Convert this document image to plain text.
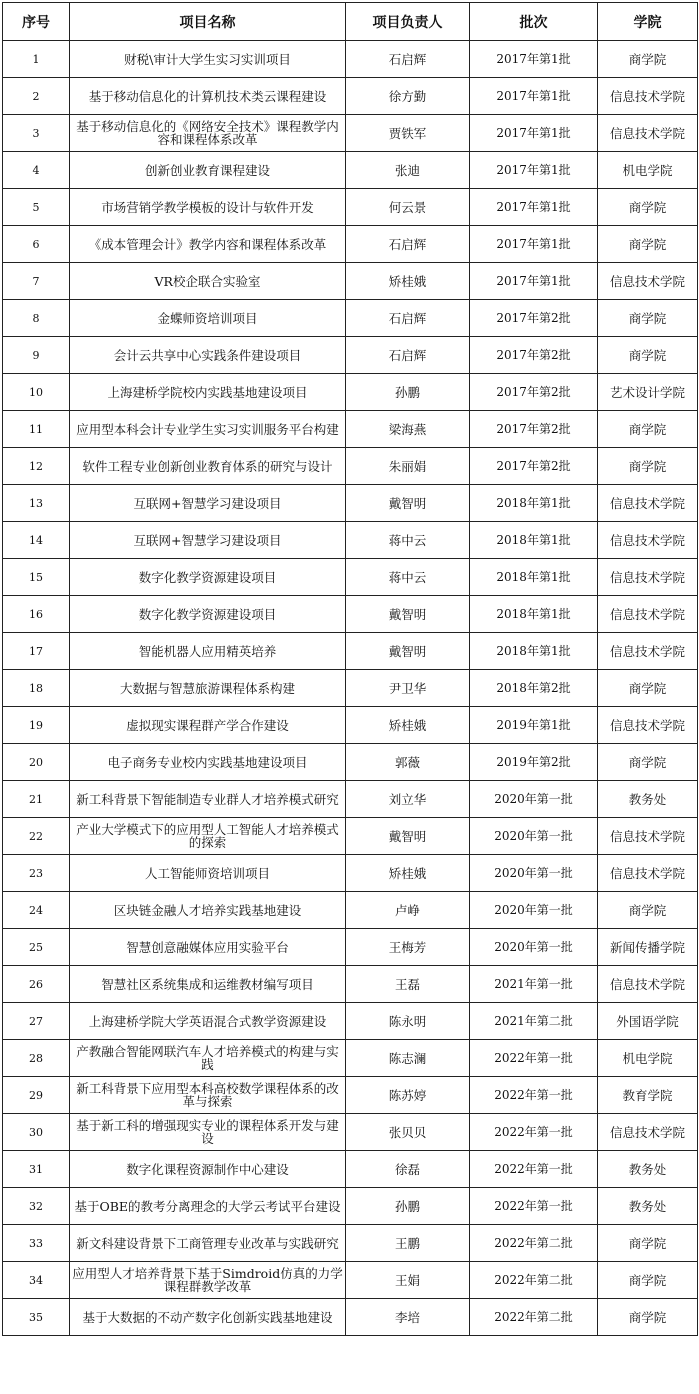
序号	项目名称	项目负责人	批次	学院
1	财税\审计大学生实习实训项目	石启辉	2017年第1批	商学院
2	基于移动信息化的计算机技术类云课程建设	徐方勤	2017年第1批	信息技术学院
3	基于移动信息化的《网络安全技术》课程教学内容和课程体系改革	贾铁军	2017年第1批	信息技术学院
4	创新创业教育课程建设	张迪	2017年第1批	机电学院
5	市场营销学教学模板的设计与软件开发	何云景	2017年第1批	商学院
6	《成本管理会计》教学内容和课程体系改革	石启辉	2017年第1批	商学院
7	VR校企联合实验室	矫桂娥	2017年第1批	信息技术学院
8	金蝶师资培训项目	石启辉	2017年第2批	商学院
9	会计云共享中心实践条件建设项目	石启辉	2017年第2批	商学院
10	上海建桥学院校内实践基地建设项目	孙鹏	2017年第2批	艺术设计学院
11	应用型本科会计专业学生实习实训服务平台构建	梁海燕	2017年第2批	商学院
12	软件工程专业创新创业教育体系的研究与设计	朱丽娟	2017年第2批	商学院
13	互联网+智慧学习建设项目	戴智明	2018年第1批	信息技术学院
14	互联网+智慧学习建设项目	蒋中云	2018年第1批	信息技术学院
15	数字化教学资源建设项目	蒋中云	2018年第1批	信息技术学院
16	数字化教学资源建设项目	戴智明	2018年第1批	信息技术学院
17	智能机器人应用精英培养	戴智明	2018年第1批	信息技术学院
18	大数据与智慧旅游课程体系构建	尹卫华	2018年第2批	商学院
19	虚拟现实课程群产学合作建设	矫桂娥	2019年第1批	信息技术学院
20	电子商务专业校内实践基地建设项目	郭薇	2019年第2批	商学院
21	新工科背景下智能制造专业群人才培养模式研究	刘立华	2020年第一批	教务处
22	产业大学模式下的应用型人工智能人才培养模式的探索	戴智明	2020年第一批	信息技术学院
23	人工智能师资培训项目	矫桂娥	2020年第一批	信息技术学院
24	区块链金融人才培养实践基地建设	卢峥	2020年第一批	商学院
25	智慧创意融媒体应用实验平台	王梅芳	2020年第一批	新闻传播学院
26	智慧社区系统集成和运维教材编写项目	王磊	2021年第一批	信息技术学院
27	上海建桥学院大学英语混合式教学资源建设	陈永明	2021年第二批	外国语学院
28	产教融合智能网联汽车人才培养模式的构建与实践	陈志澜	2022年第一批	机电学院
29	新工科背景下应用型本科高校数学课程体系的改革与探索	陈苏婷	2022年第一批	教育学院
30	基于新工科的增强现实专业的课程体系开发与建设	张贝贝	2022年第一批	信息技术学院
31	数字化课程资源制作中心建设	徐磊	2022年第一批	教务处
32	基于OBE的教考分离理念的大学云考试平台建设	孙鹏	2022年第一批	教务处
33	新文科建设背景下工商管理专业改革与实践研究	王鹏	2022年第二批	商学院
34	应用型人才培养背景下基于Simdroid仿真的力学课程群教学改革	王娟	2022年第二批	商学院
35	基于大数据的不动产数字化创新实践基地建设	李培	2022年第二批	商学院
